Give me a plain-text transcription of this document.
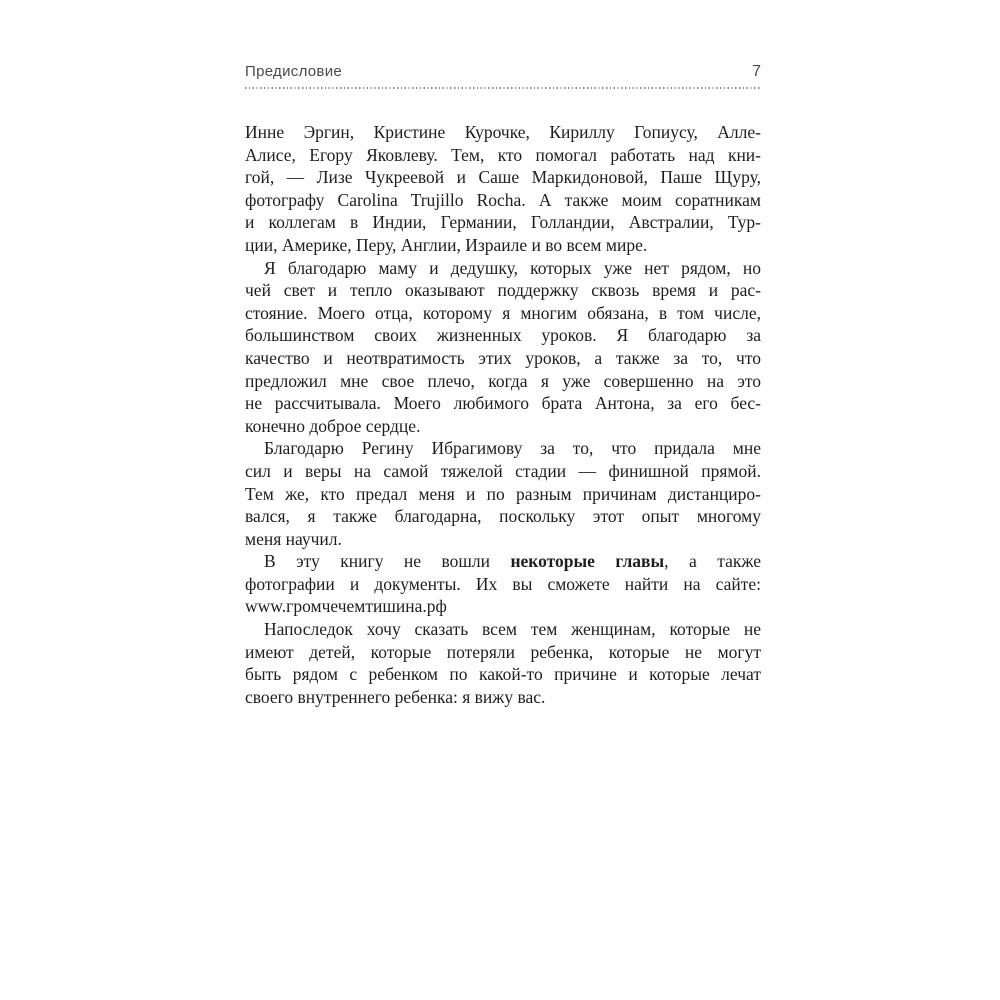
Предисловие	7
Инне Эргин, Кристине Курочке, Кириллу Гопиусу, Алле-
Алисе, Егору Яковлеву. Тем, кто помогал работать над кни-
гой, — Лизе Чукреевой и Саше Маркидоновой, Паше Щуру,
фотографу Carolina Trujillo Rocha. А также моим соратникам
и коллегам в Индии, Германии, Голландии, Австралии, Тур-
ции, Америке, Перу, Англии, Израиле и во всем мире.
Я благодарю маму и дедушку, которых уже нет рядом, но
чей свет и тепло оказывают поддержку сквозь время и рас-
стояние. Моего отца, которому я многим обязана, в том числе,
большинством своих жизненных уроков. Я благодарю за
качество и неотвратимость этих уроков, а также за то, что
предложил мне свое плечо, когда я уже совершенно на это
не рассчитывала. Моего любимого брата Антона, за его бес-
конечно доброе сердце.
Благодарю Регину Ибрагимову за то, что придала мне
сил и веры на самой тяжелой стадии — финишной прямой.
Тем же, кто предал меня и по разным причинам дистанциро-
вался, я также благодарна, поскольку этот опыт многому
меня научил.
В эту книгу не вошли некоторые главы, а также
фотографии и документы. Их вы сможете найти на сайте:
www.громчечемтишина.рф
Напоследок хочу сказать всем тем женщинам, которые не
имеют детей, которые потеряли ребенка, которые не могут
быть рядом с ребенком по какой-то причине и которые лечат
своего внутреннего ребенка: я вижу вас.
